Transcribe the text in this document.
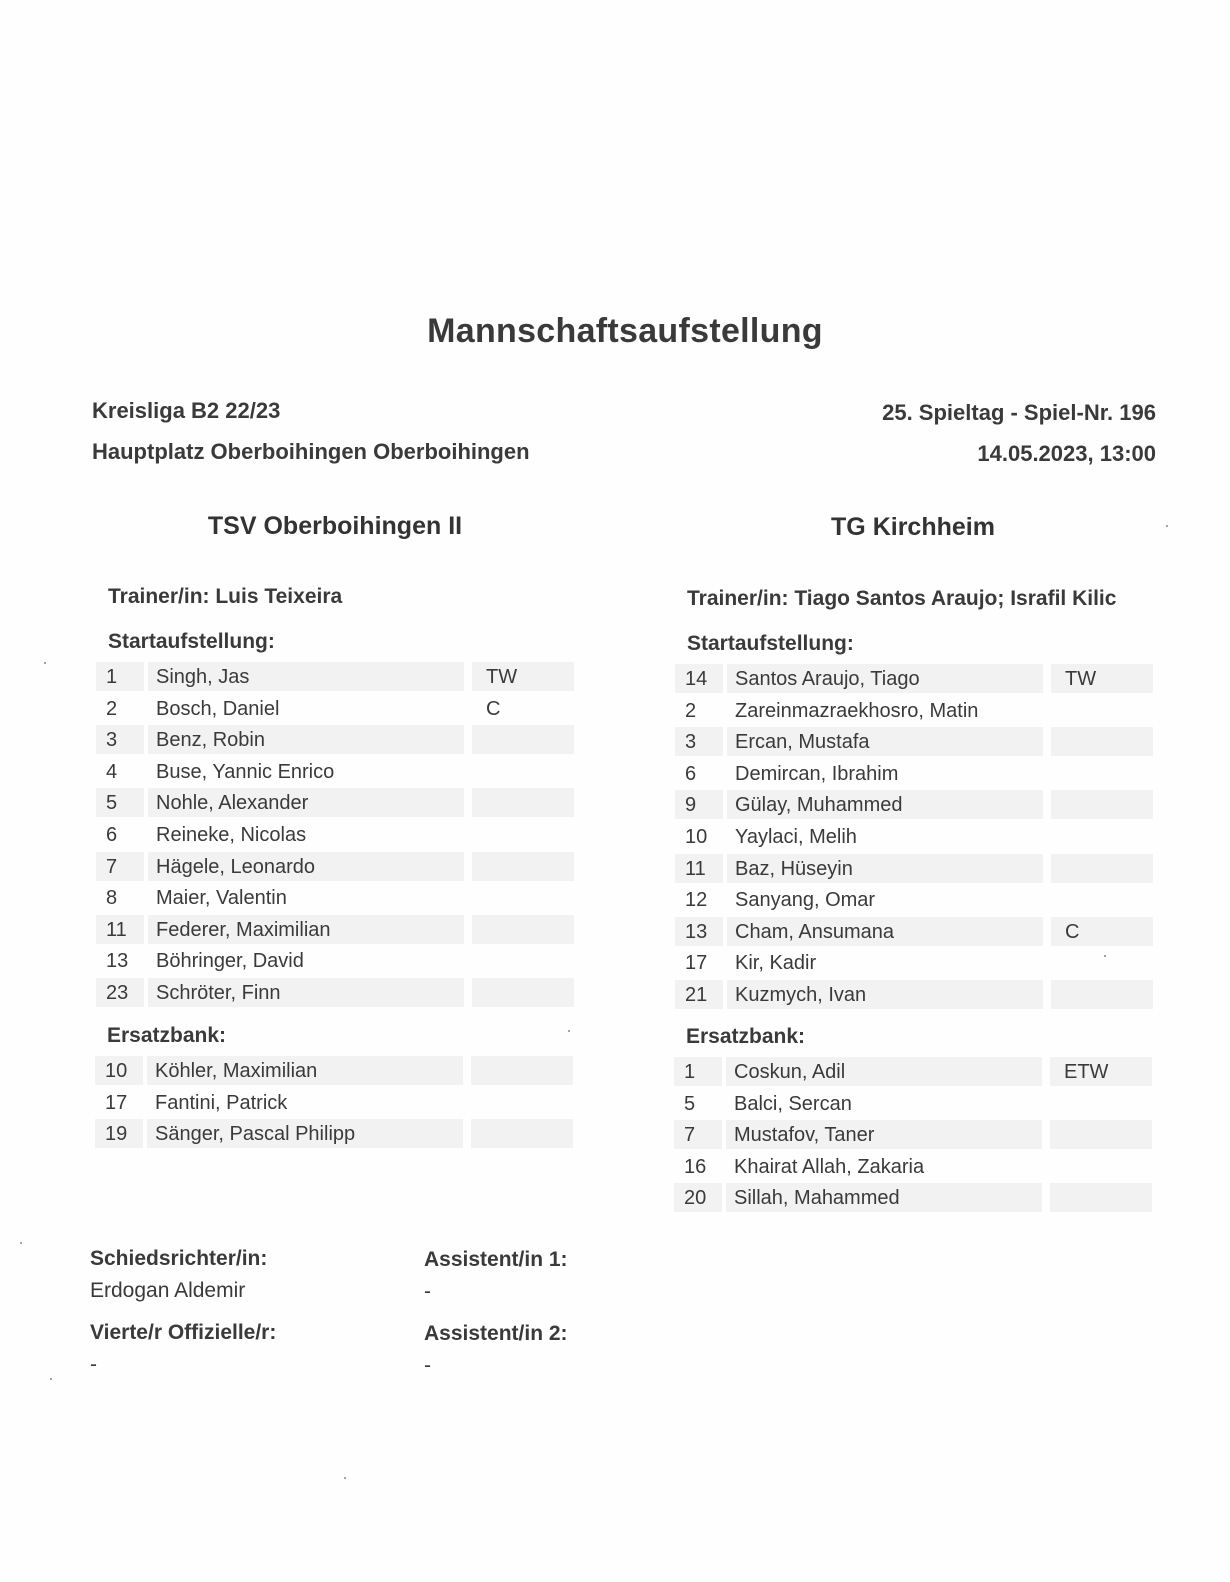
Mannschaftsaufstellung
Kreisliga B2 22/23
Hauptplatz Oberboihingen Oberboihingen
25. Spieltag - Spiel-Nr. 196
14.05.2023, 13:00
TSV Oberboihingen II
Trainer/in: Luis Teixeira
Startaufstellung:
1	Singh, Jas	TW
2	Bosch, Daniel	C
3	Benz, Robin
4	Buse, Yannic Enrico
5	Nohle, Alexander
6	Reineke, Nicolas
7	Hägele, Leonardo
8	Maier, Valentin
11	Federer, Maximilian
13	Böhringer, David
23	Schröter, Finn
Ersatzbank:
10	Köhler, Maximilian
17	Fantini, Patrick
19	Sänger, Pascal Philipp
TG Kirchheim
Trainer/in: Tiago Santos Araujo; Israfil Kilic
Startaufstellung:
14	Santos Araujo, Tiago	TW
2	Zareinmazraekhosro, Matin
3	Ercan, Mustafa
6	Demircan, Ibrahim
9	Gülay, Muhammed
10	Yaylaci, Melih
11	Baz, Hüseyin
12	Sanyang, Omar
13	Cham, Ansumana	C
17	Kir, Kadir
21	Kuzmych, Ivan
Ersatzbank:
1	Coskun, Adil	ETW
5	Balci, Sercan
7	Mustafov, Taner
16	Khairat Allah, Zakaria
20	Sillah, Mahammed
Schiedsrichter/in:
Erdogan Aldemir
Vierte/r Offizielle/r:
-
Assistent/in 1:
-
Assistent/in 2:
-
